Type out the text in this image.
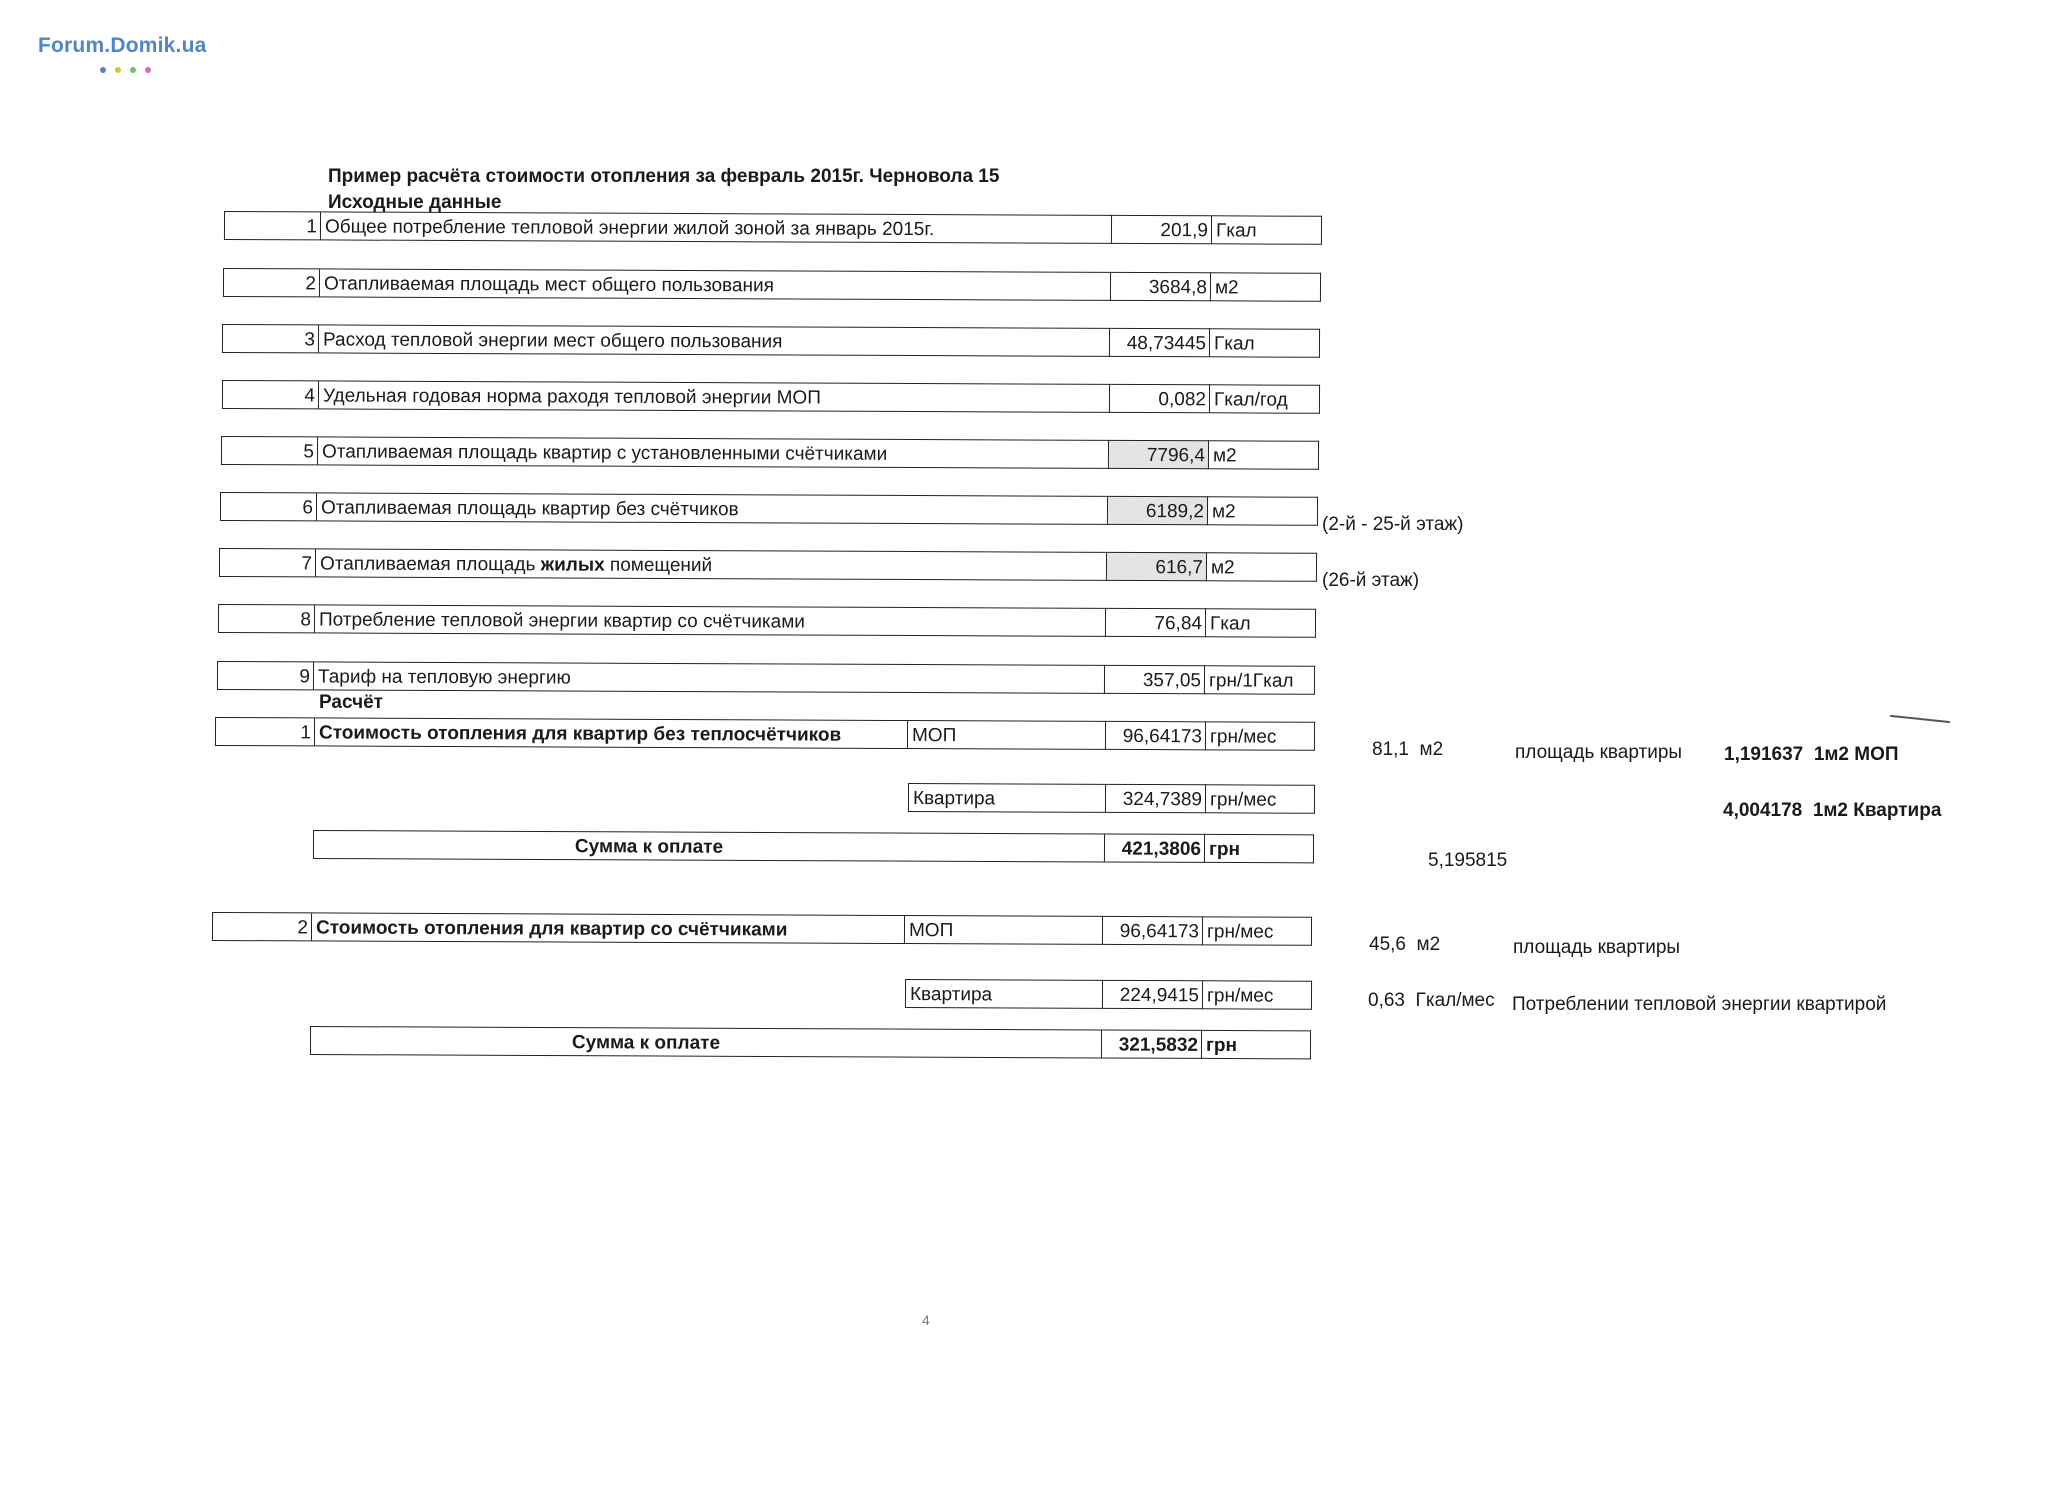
Forum.Domik.ua
Пример расчёта стоимости отопления за февраль 2015г. Черновола 15
Исходные данные
1 Общее потребление тепловой энергии жилой зоной за январь 2015г.	201,9 Гкал
2 Отапливаемая площадь мест общего пользования	3684,8 м2
3 Расход тепловой энергии мест общего пользования	48,73445 Гкал
4 Удельная годовая норма раходя тепловой энергии МОП	0,082 Гкал/год
5 Отапливаемая площадь квартир с установленными счётчиками	7796,4 м2
6 Отапливаемая площадь квартир без счётчиков	6189,2 м2
(2-й - 25-й этаж)
7 Отапливаемая площадь жилых помещений	616,7 м2
(26-й этаж)
8 Потребление тепловой энергии квартир со счётчиками	76,84 Гкал
9 Тариф на тепловую энергию	357,05 грн/1Гкал
Расчёт
1 Стоимость отопления для квартир без теплосчётчиков	МОП	96,64173 грн/мес
Квартира	324,7389 грн/мес
Сумма к оплате	421,3806 грн
81,1 м2	площадь квартиры 1,191637 1м2 МОП
4,004178 1м2 Квартира
5,195815
2 Стоимость отопления для квартир со счётчиками	МОП	96,64173 грн/мес
Квартира	224,9415 грн/мес
Сумма к оплате	321,5832 грн
45,6 м2	площадь квартиры
0,63 Гкал/мес Потреблении тепловой энергии квартирой
4
